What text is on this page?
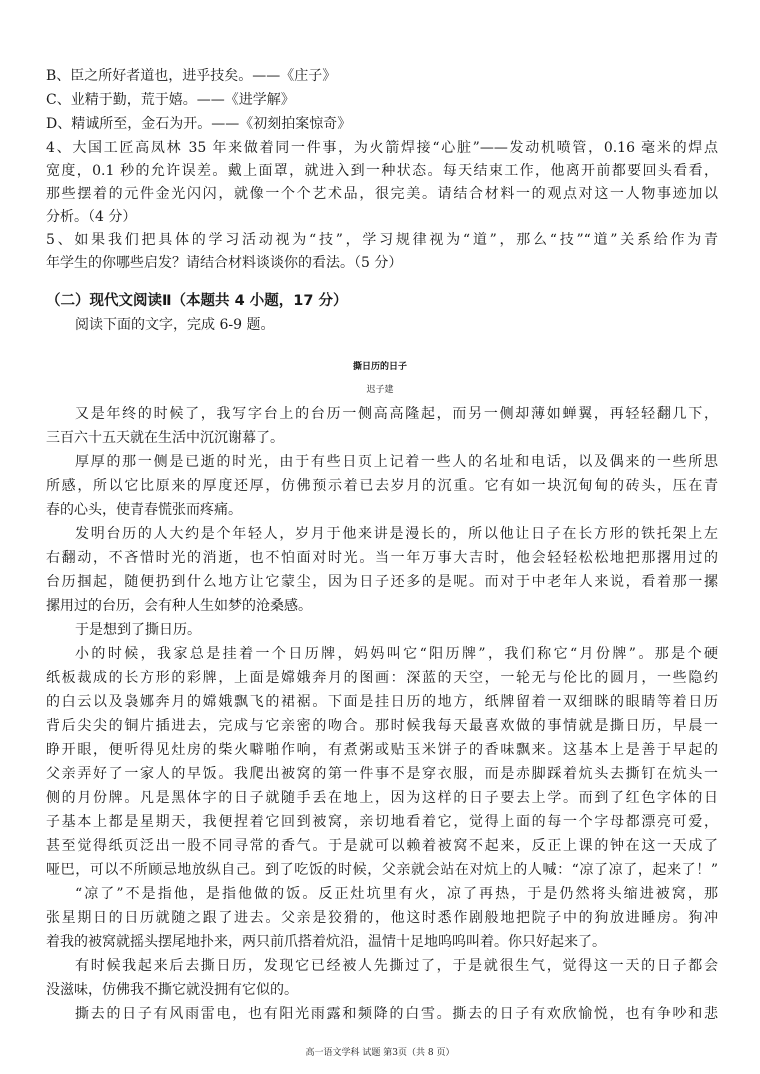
B、臣之所好者道也，进乎技矣。——《庄子》
C、业精于勤，荒于嬉。——《进学解》
D、精诚所至，金石为开。——《初刻拍案惊奇》
4、大国工匠高凤林 35 年来做着同一件事，为火箭焊接“心脏”——发动机喷管，0.16 毫米的焊点
宽度，0.1 秒的允许误差。戴上面罩，就进入到一种状态。每天结束工作，他离开前都要回头看看，
那些摆着的元件金光闪闪，就像一个个艺术品，很完美。请结合材料一的观点对这一人物事迹加以
分析。（4 分）
5、如果我们把具体的学习活动视为“技”，学习规律视为“道”，那么“技”“道”关系给作为青
年学生的你哪些启发？请结合材料谈谈你的看法。（5 分）
（二）现代文阅读Ⅱ（本题共 4 小题，17 分）
阅读下面的文字，完成 6-9 题。
撕日历的日子
迟子建
又是年终的时候了，我写字台上的台历一侧高高隆起，而另一侧却薄如蝉翼，再轻轻翻几下，
三百六十五天就在生活中沉沉谢幕了。
厚厚的那一侧是已逝的时光，由于有些日页上记着一些人的名址和电话，以及偶来的一些所思
所感，所以它比原来的厚度还厚，仿佛预示着已去岁月的沉重。它有如一块沉甸甸的砖头，压在青
春的心头，使青春慌张而疼痛。
发明台历的人大约是个年轻人，岁月于他来讲是漫长的，所以他让日子在长方形的铁托架上左
右翻动，不吝惜时光的消逝，也不怕面对时光。当一年万事大吉时，他会轻轻松松地把那撂用过的
台历掴起，随便扔到什么地方让它蒙尘，因为日子还多的是呢。而对于中老年人来说，看着那一摞
摞用过的台历，会有种人生如梦的沧桑感。
于是想到了撕日历。
小的时候，我家总是挂着一个日历牌，妈妈叫它“阳历牌”，我们称它“月份牌”。那是个硬
纸板裁成的长方形的彩牌，上面是嫦娥奔月的图画：深蓝的天空，一轮无与伦比的圆月，一些隐约
的白云以及袅娜奔月的嫦娥飘飞的裙裾。下面是挂日历的地方，纸牌留着一双细眯的眼睛等着日历
背后尖尖的铜片插进去，完成与它亲密的吻合。那时候我每天最喜欢做的事情就是撕日历，早晨一
睁开眼，便听得见灶房的柴火噼啪作响，有煮粥或贴玉米饼子的香味飘来。这基本上是善于早起的
父亲弄好了一家人的早饭。我爬出被窝的第一件事不是穿衣服，而是赤脚踩着炕头去撕钉在炕头一
侧的月份牌。凡是黑体字的日子就随手丢在地上，因为这样的日子要去上学。而到了红色字体的日
子基本上都是星期天，我便捏着它回到被窝，亲切地看着它，觉得上面的每一个字母都漂亮可爱，
甚至觉得纸页泛出一股不同寻常的香气。于是就可以赖着被窝不起来，反正上课的钟在这一天成了
哑巴，可以不所顾忌地放纵自己。到了吃饭的时候，父亲就会站在对炕上的人喊：“凉了凉了，起来了！”
“凉了”不是指他，是指他做的饭。反正灶坑里有火，凉了再热，于是仍然将头缩进被窝，那
张星期日的日历就随之跟了进去。父亲是狡猾的，他这时悉作剧般地把院子中的狗放进睡房。狗冲
着我的被窝就摇头摆尾地扑来，两只前爪搭着炕沿，温情十足地呜呜叫着。你只好起来了。
有时候我起来后去撕日历，发现它已经被人先撕过了，于是就很生气，觉得这一天的日子都会
没滋味，仿佛我不撕它就没拥有它似的。
撕去的日子有风雨雷电，也有阳光雨露和频降的白雪。撕去的日子有欢欣愉悦，也有争吵和悲
高一语文学科 试题 第3页（共 8 页）
